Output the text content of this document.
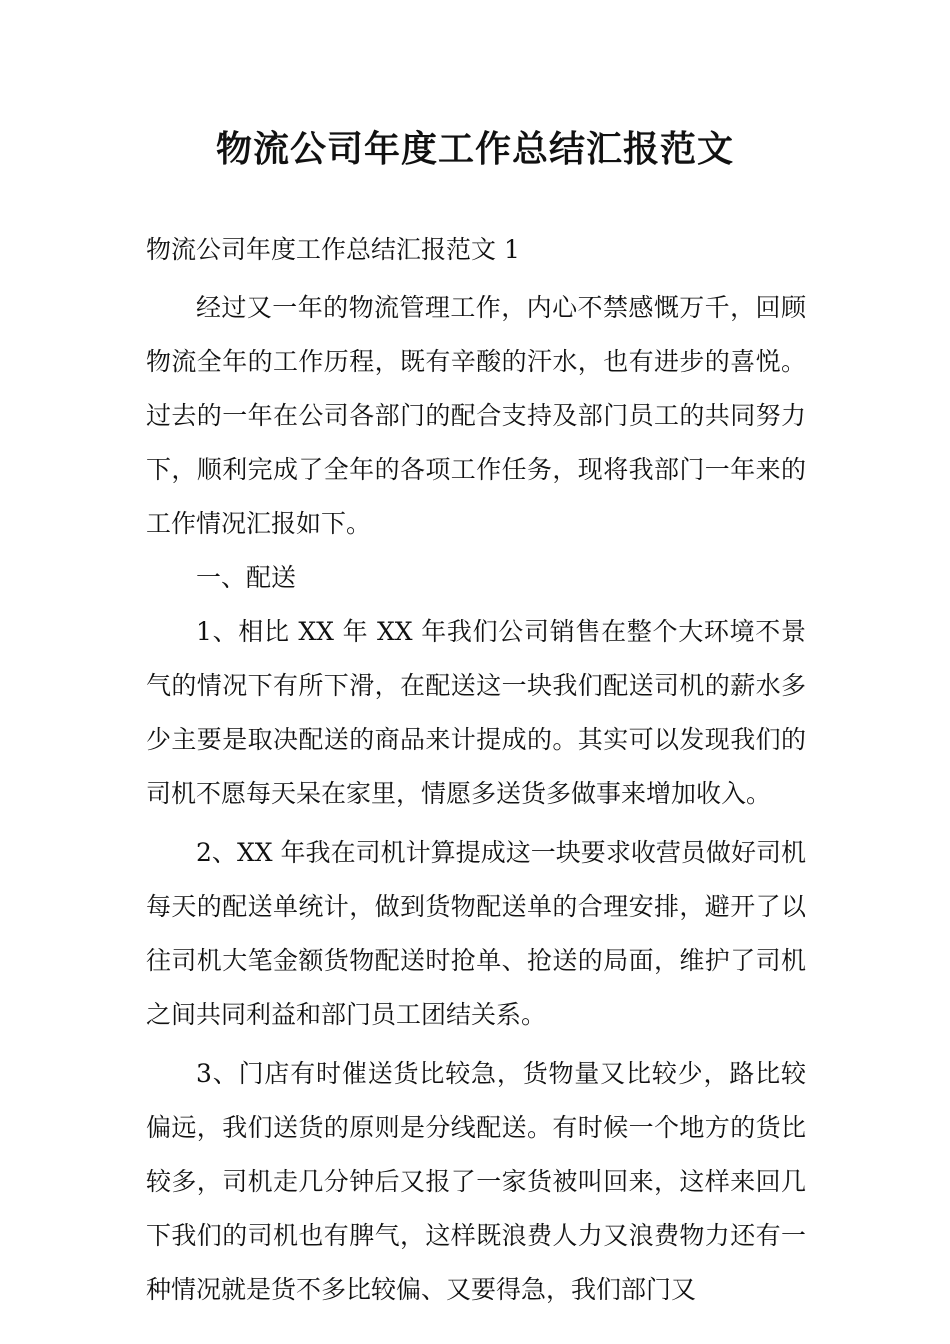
物流公司年度工作总结汇报范文

物流公司年度工作总结汇报范文 1

经过又一年的物流管理工作，内心不禁感慨万千，回顾物流全年的工作历程，既有辛酸的汗水，也有进步的喜悦。过去的一年在公司各部门的配合支持及部门员工的共同努力下，顺利完成了全年的各项工作任务，现将我部门一年来的工作情况汇报如下。

一、配送

1、相比 XX 年 XX 年我们公司销售在整个大环境不景气的情况下有所下滑，在配送这一块我们配送司机的薪水多少主要是取决配送的商品来计提成的。其实可以发现我们的司机不愿每天呆在家里，情愿多送货多做事来增加收入。

2、XX 年我在司机计算提成这一块要求收营员做好司机每天的配送单统计，做到货物配送单的合理安排，避开了以往司机大笔金额货物配送时抢单、抢送的局面，维护了司机之间共同利益和部门员工团结关系。

3、门店有时催送货比较急，货物量又比较少，路比较偏远，我们送货的原则是分线配送。有时候一个地方的货比较多，司机走几分钟后又报了一家货被叫回来，这样来回几下我们的司机也有脾气，这样既浪费人力又浪费物力还有一种情况就是货不多比较偏、又要得急，我们部门又
